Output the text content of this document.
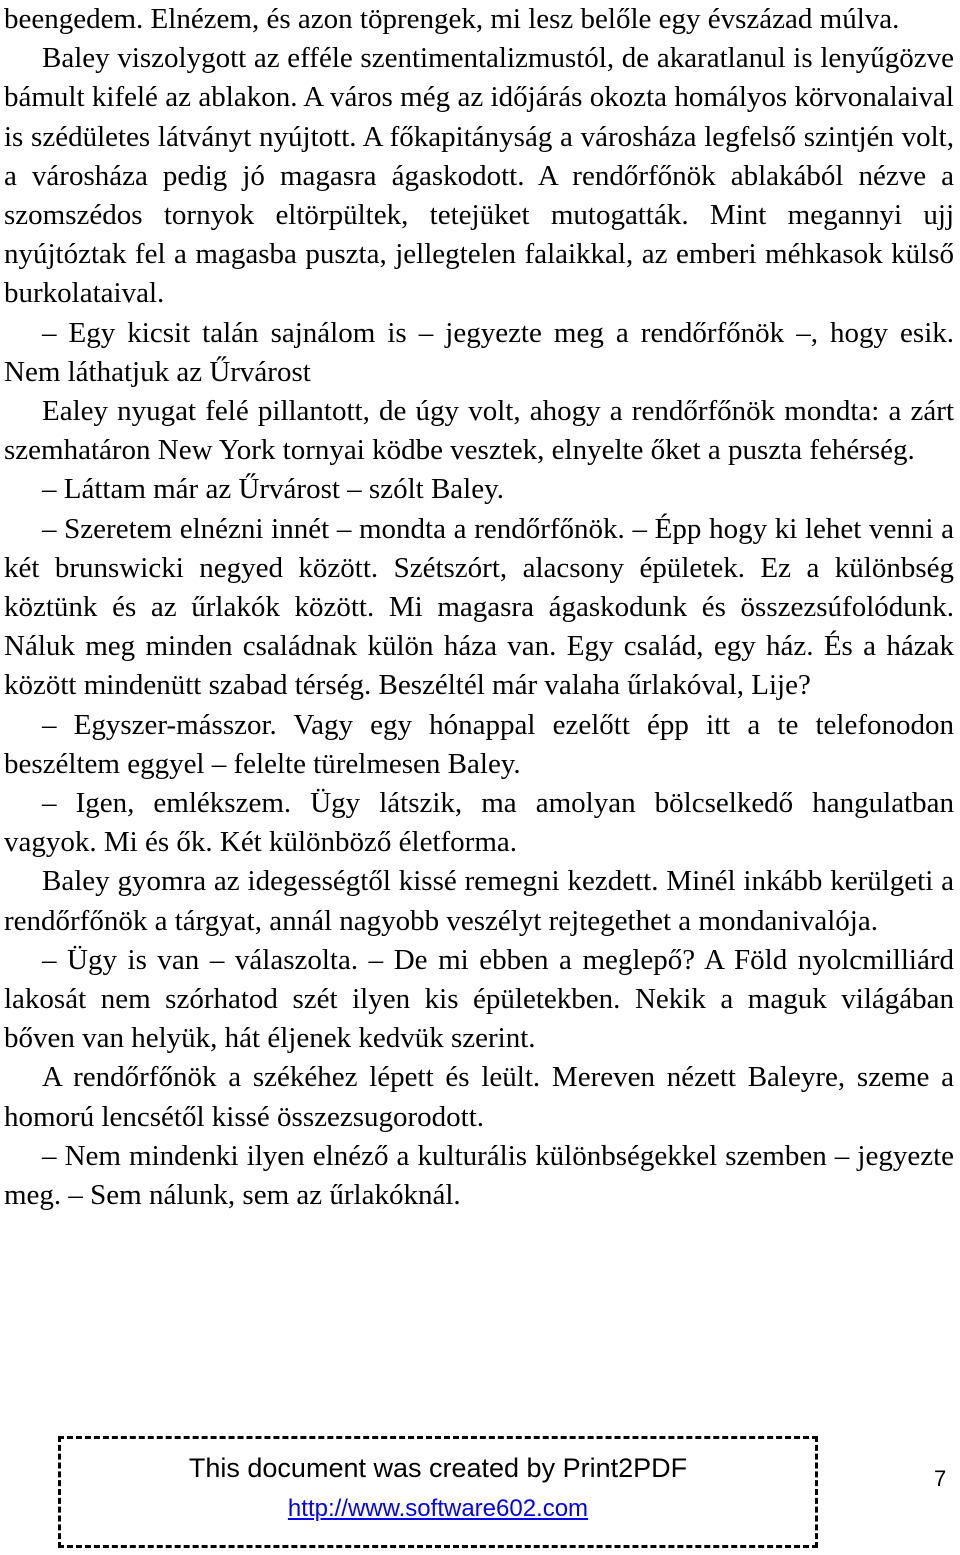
beengedem. Elnézem, és azon töprengek, mi lesz belőle egy évszázad múlva.

Baley viszolygott az efféle szentimentalizmustól, de akaratlanul is lenyűgözve bámult kifelé az ablakon. A város még az időjárás okozta homályos körvonalaival is szédületes látványt nyújtott. A főkapitányság a városháza legfelső szintjén volt, a városháza pedig jó magasra ágaskodott. A rendőrfőnök ablakából nézve a szomszédos tornyok eltörpültek, tetejüket mutogatták. Mint megannyi ujj nyújtóztak fel a magasba puszta, jellegtelen falaikkal, az emberi méhkasok külső burkolataival.

– Egy kicsit talán sajnálom is – jegyezte meg a rendőrfőnök –, hogy esik. Nem láthatjuk az Űrvárost

Ealey nyugat felé pillantott, de úgy volt, ahogy a rendőrfőnök mondta: a zárt szemhatáron New York tornyai ködbe vesztek, elnyelte őket a puszta fehérség.

– Láttam már az Űrvárost – szólt Baley.

– Szeretem elnézni innét – mondta a rendőrfőnök. – Épp hogy ki lehet venni a két brunswicki negyed között. Szétszórt, alacsony épületek. Ez a különbség köztünk és az űrlakók között. Mi magasra ágaskodunk és összezsúfolódunk. Náluk meg minden családnak külön háza van. Egy család, egy ház. És a házak között mindenütt szabad térség. Beszéltél már valaha űrlakóval, Lije?

– Egyszer-másszor. Vagy egy hónappal ezelőtt épp itt a te telefonodon beszéltem eggyel – felelte türelmesen Baley.

– Igen, emlékszem. Ügy látszik, ma amolyan bölcselkedő hangulatban vagyok. Mi és ők. Két különböző életforma.

Baley gyomra az idegességtől kissé remegni kezdett. Minél inkább kerülgeti a rendőrfőnök a tárgyat, annál nagyobb veszélyt rejtegethet a mondanivalója.

– Ügy is van – válaszolta. – De mi ebben a meglepő? A Föld nyolcmilliárd lakosát nem szórhatod szét ilyen kis épületekben. Nekik a maguk világában bőven van helyük, hát éljenek kedvük szerint.

A rendőrfőnök a székéhez lépett és leült. Mereven nézett Baleyre, szeme a homorú lencsétől kissé összezsugorodott.

– Nem mindenki ilyen elnéző a kulturális különbségekkel szemben – jegyezte meg. – Sem nálunk, sem az űrlakóknál.

This document was created by Print2PDF
http://www.software602.com
7
